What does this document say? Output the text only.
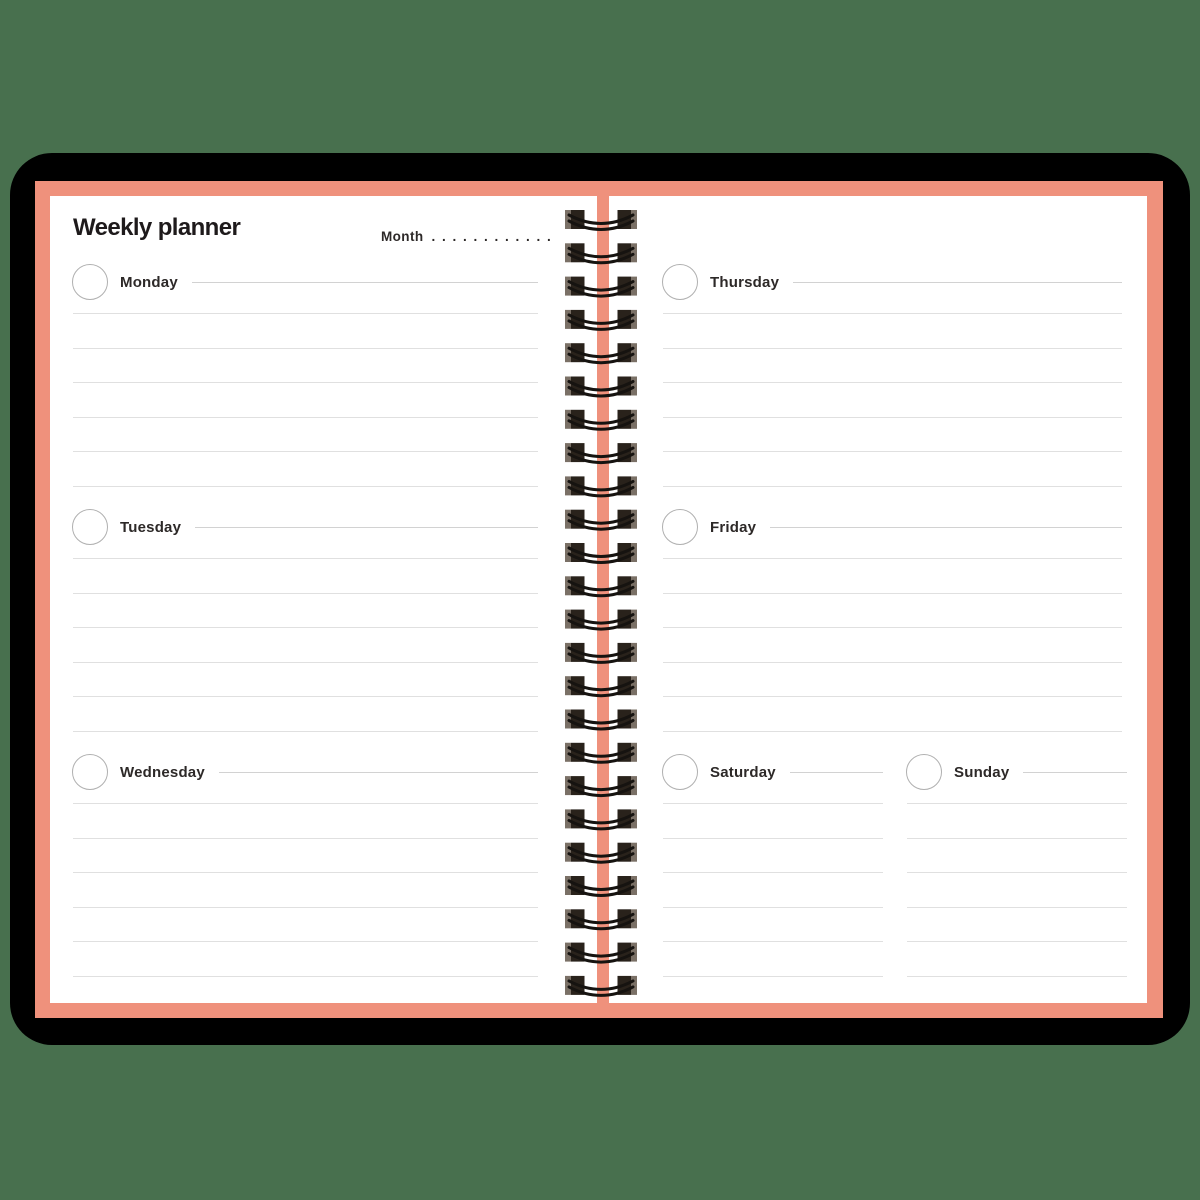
Weekly planner	Month . . . . . . . . . . . .
Monday
Tuesday
Wednesday
Thursday
Friday
Saturday	Sunday
